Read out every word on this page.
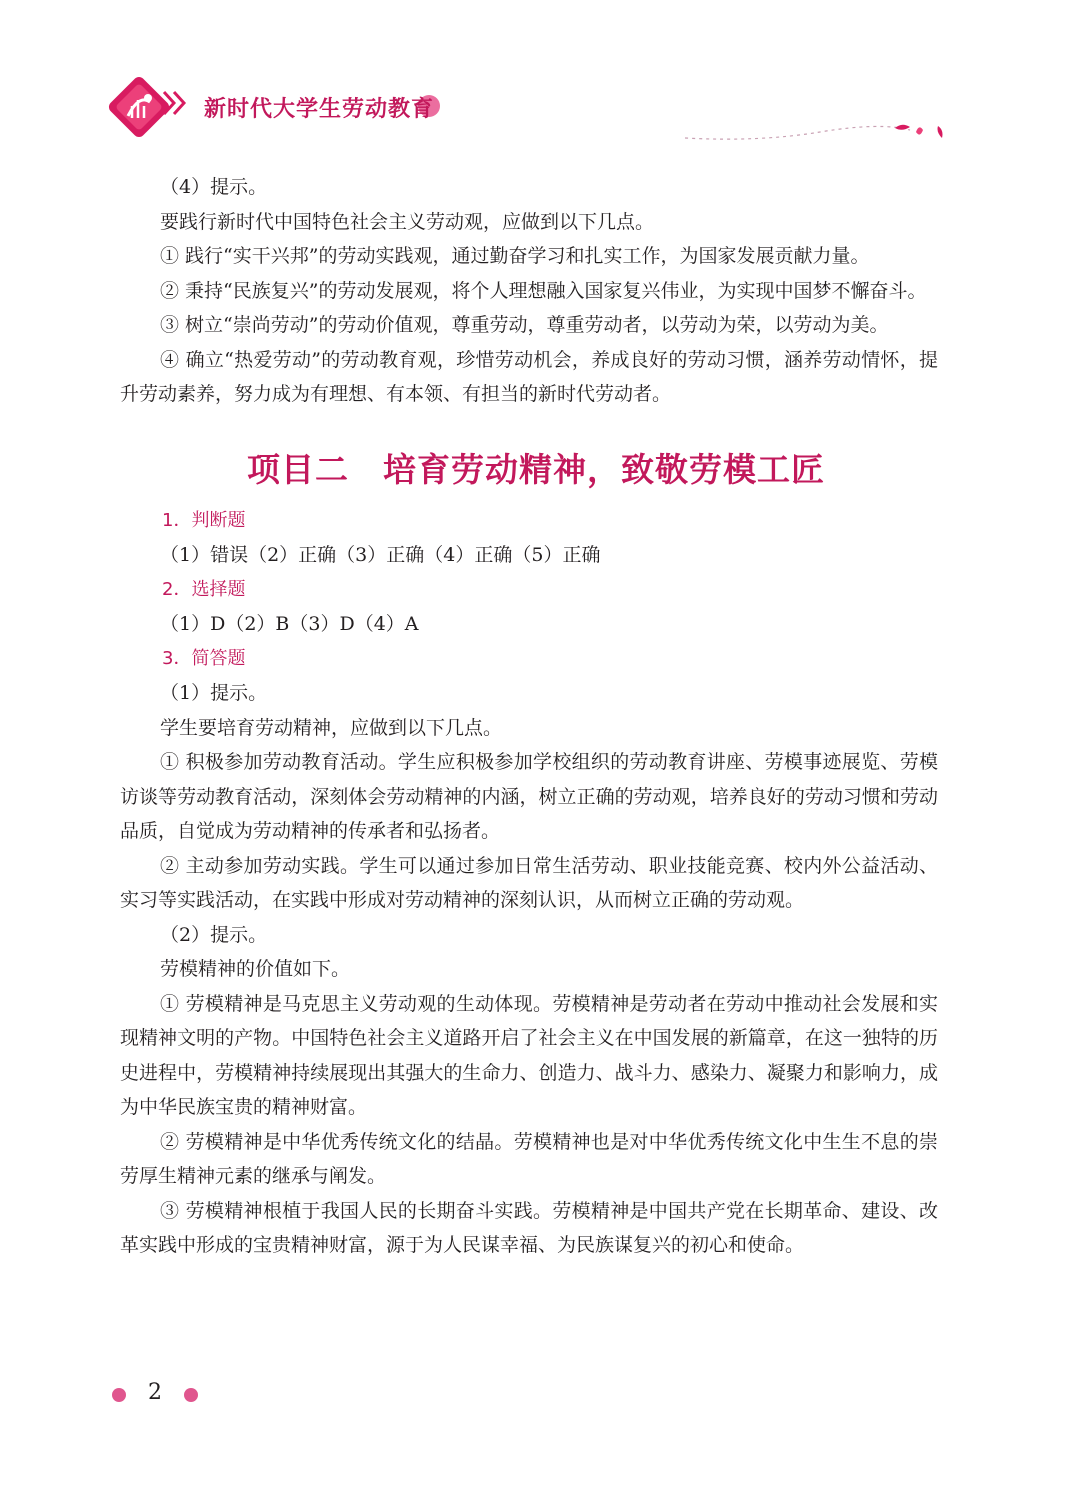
新时代大学生劳动教育

（4）提示。

要践行新时代中国特色社会主义劳动观，应做到以下几点。

① 践行“实干兴邦”的劳动实践观，通过勤奋学习和扎实工作，为国家发展贡献力量。

② 秉持“民族复兴”的劳动发展观，将个人理想融入国家复兴伟业，为实现中国梦不懈奋斗。

③ 树立“崇尚劳动”的劳动价值观，尊重劳动，尊重劳动者，以劳动为荣，以劳动为美。

④ 确立“热爱劳动”的劳动教育观，珍惜劳动机会，养成良好的劳动习惯，涵养劳动情怀，提升劳动素养，努力成为有理想、有本领、有担当的新时代劳动者。

项目二　培育劳动精神，致敬劳模工匠

1．判断题

（1）错误（2）正确（3）正确（4）正确（5）正确

2．选择题

（1）D（2）B（3）D（4）A

3．简答题

（1）提示。

学生要培育劳动精神，应做到以下几点。

① 积极参加劳动教育活动。学生应积极参加学校组织的劳动教育讲座、劳模事迹展览、劳模访谈等劳动教育活动，深刻体会劳动精神的内涵，树立正确的劳动观，培养良好的劳动习惯和劳动品质，自觉成为劳动精神的传承者和弘扬者。

② 主动参加劳动实践。学生可以通过参加日常生活劳动、职业技能竞赛、校内外公益活动、实习等实践活动，在实践中形成对劳动精神的深刻认识，从而树立正确的劳动观。

（2）提示。

劳模精神的价值如下。

① 劳模精神是马克思主义劳动观的生动体现。劳模精神是劳动者在劳动中推动社会发展和实现精神文明的产物。中国特色社会主义道路开启了社会主义在中国发展的新篇章，在这一独特的历史进程中，劳模精神持续展现出其强大的生命力、创造力、战斗力、感染力、凝聚力和影响力，成为中华民族宝贵的精神财富。

② 劳模精神是中华优秀传统文化的结晶。劳模精神也是对中华优秀传统文化中生生不息的崇劳厚生精神元素的继承与阐发。

③ 劳模精神根植于我国人民的长期奋斗实践。劳模精神是中国共产党在长期革命、建设、改革实践中形成的宝贵精神财富，源于为人民谋幸福、为民族谋复兴的初心和使命。

2
